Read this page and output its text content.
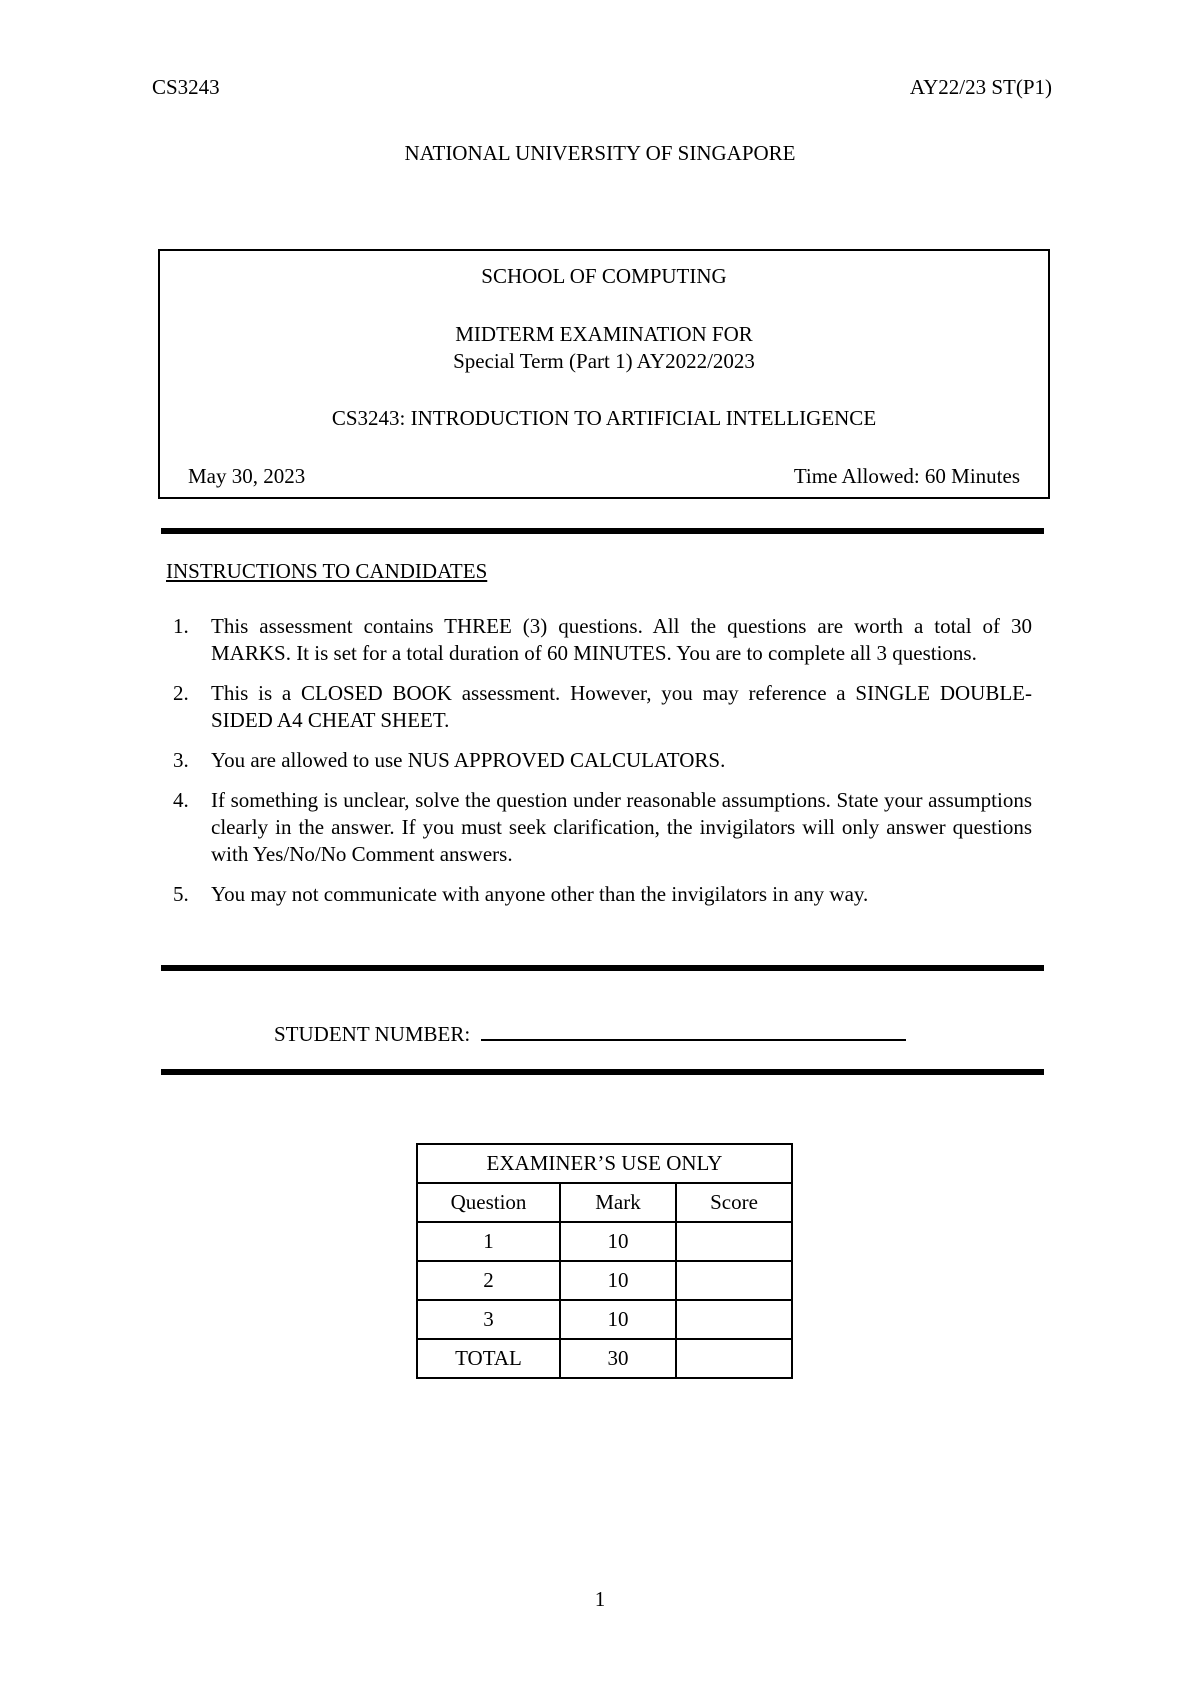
CS3243	AY22/23 ST(P1)
NATIONAL UNIVERSITY OF SINGAPORE
SCHOOL OF COMPUTING
MIDTERM EXAMINATION FOR
Special Term (Part 1) AY2022/2023
CS3243: INTRODUCTION TO ARTIFICIAL INTELLIGENCE
May 30, 2023	Time Allowed: 60 Minutes
INSTRUCTIONS TO CANDIDATES
1. This assessment contains THREE (3) questions. All the questions are worth a total of 30 MARKS. It is set for a total duration of 60 MINUTES. You are to complete all 3 questions.
2. This is a CLOSED BOOK assessment. However, you may reference a SINGLE DOUBLE-SIDED A4 CHEAT SHEET.
3. You are allowed to use NUS APPROVED CALCULATORS.
4. If something is unclear, solve the question under reasonable assumptions. State your assumptions clearly in the answer. If you must seek clarification, the invigilators will only answer questions with Yes/No/No Comment answers.
5. You may not communicate with anyone other than the invigilators in any way.
STUDENT NUMBER:
EXAMINER’S USE ONLY		
Question	Mark	Score
1	10	
2	10	
3	10	
TOTAL	30	
1
